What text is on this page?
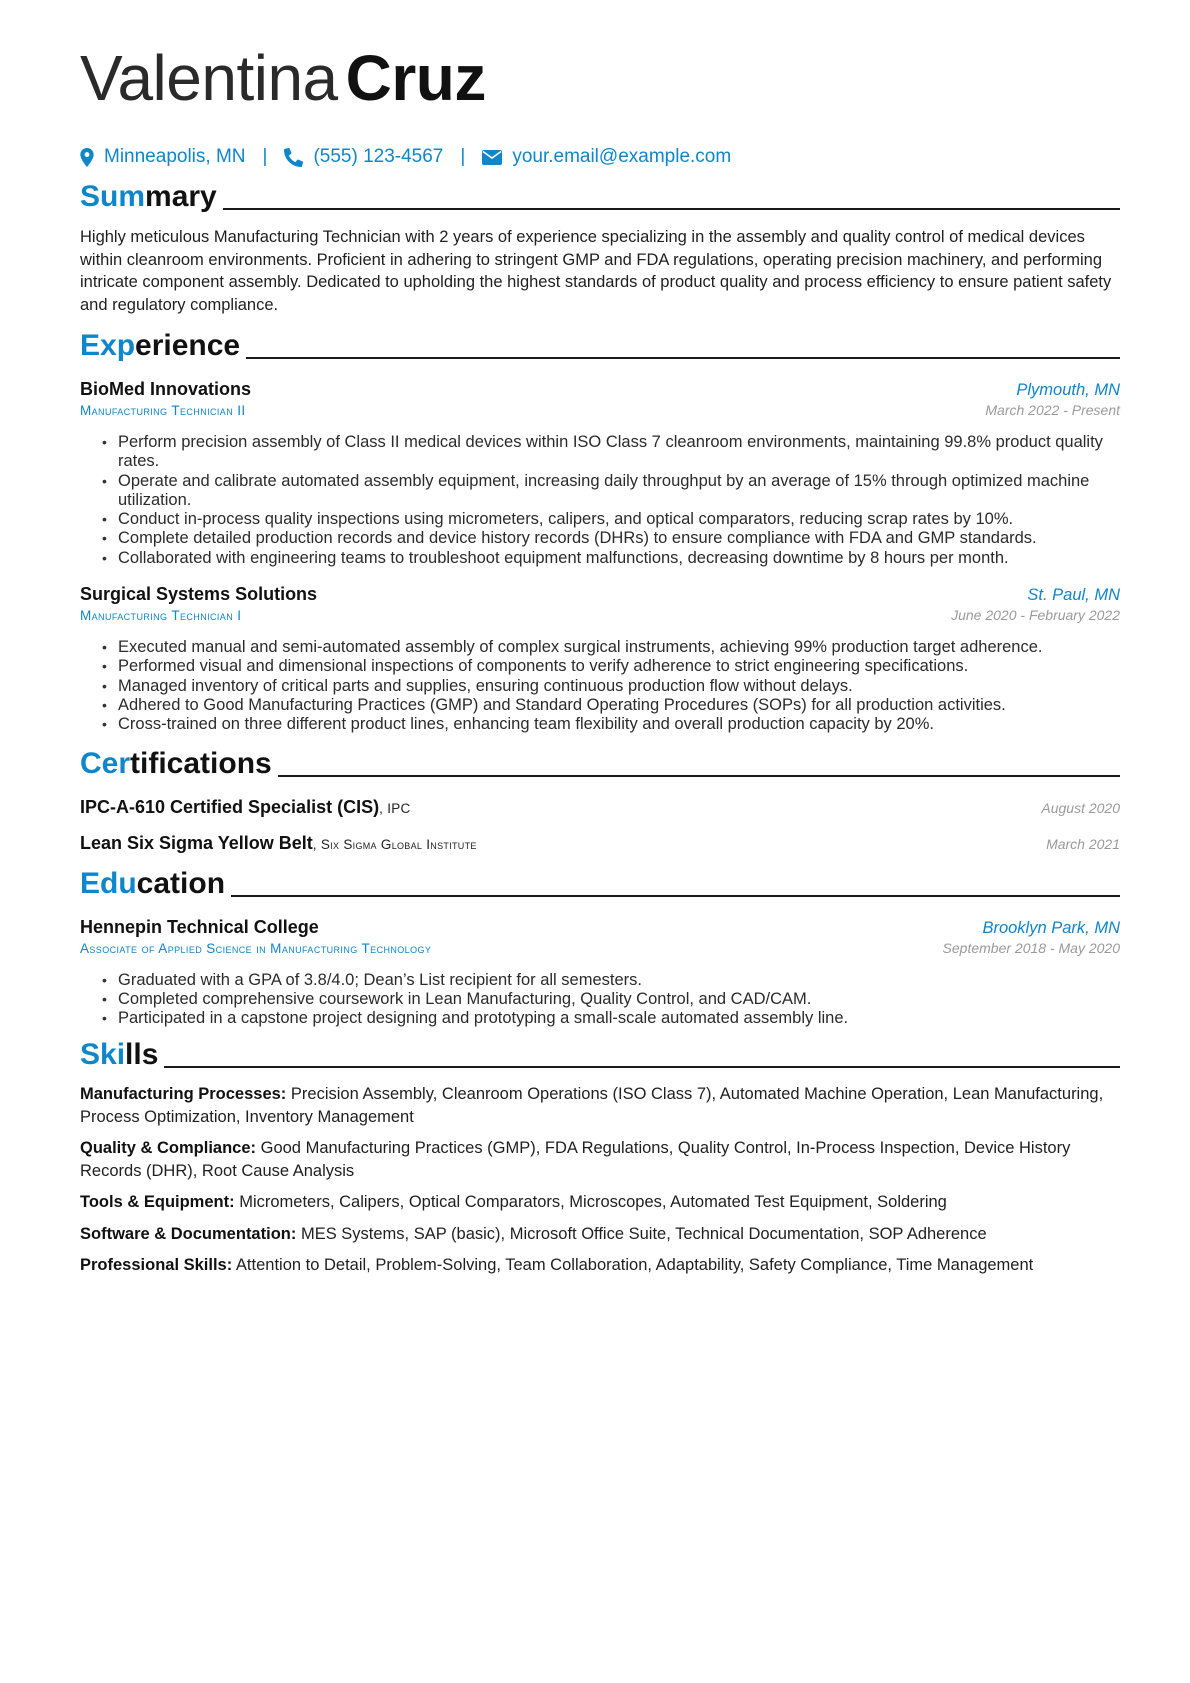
Valentina Cruz
Minneapolis, MN | (555) 123-4567 | your.email@example.com
Summary
Highly meticulous Manufacturing Technician with 2 years of experience specializing in the assembly and quality control of medical devices within cleanroom environments. Proficient in adhering to stringent GMP and FDA regulations, operating precision machinery, and performing intricate component assembly. Dedicated to upholding the highest standards of product quality and process efficiency to ensure patient safety and regulatory compliance.
Experience
BioMed Innovations	Plymouth, MN
Manufacturing Technician II	March 2022 - Present
• Perform precision assembly of Class II medical devices within ISO Class 7 cleanroom environments, maintaining 99.8% product quality rates.
• Operate and calibrate automated assembly equipment, increasing daily throughput by an average of 15% through optimized machine utilization.
• Conduct in-process quality inspections using micrometers, calipers, and optical comparators, reducing scrap rates by 10%.
• Complete detailed production records and device history records (DHRs) to ensure compliance with FDA and GMP standards.
• Collaborated with engineering teams to troubleshoot equipment malfunctions, decreasing downtime by 8 hours per month.
Surgical Systems Solutions	St. Paul, MN
Manufacturing Technician I	June 2020 - February 2022
• Executed manual and semi-automated assembly of complex surgical instruments, achieving 99% production target adherence.
• Performed visual and dimensional inspections of components to verify adherence to strict engineering specifications.
• Managed inventory of critical parts and supplies, ensuring continuous production flow without delays.
• Adhered to Good Manufacturing Practices (GMP) and Standard Operating Procedures (SOPs) for all production activities.
• Cross-trained on three different product lines, enhancing team flexibility and overall production capacity by 20%.
Certifications
IPC-A-610 Certified Specialist (CIS), IPC	August 2020
Lean Six Sigma Yellow Belt, Six Sigma Global Institute	March 2021
Education
Hennepin Technical College	Brooklyn Park, MN
Associate of Applied Science in Manufacturing Technology	September 2018 - May 2020
• Graduated with a GPA of 3.8/4.0; Dean’s List recipient for all semesters.
• Completed comprehensive coursework in Lean Manufacturing, Quality Control, and CAD/CAM.
• Participated in a capstone project designing and prototyping a small-scale automated assembly line.
Skills
Manufacturing Processes: Precision Assembly, Cleanroom Operations (ISO Class 7), Automated Machine Operation, Lean Manufacturing, Process Optimization, Inventory Management
Quality & Compliance: Good Manufacturing Practices (GMP), FDA Regulations, Quality Control, In-Process Inspection, Device History Records (DHR), Root Cause Analysis
Tools & Equipment: Micrometers, Calipers, Optical Comparators, Microscopes, Automated Test Equipment, Soldering
Software & Documentation: MES Systems, SAP (basic), Microsoft Office Suite, Technical Documentation, SOP Adherence
Professional Skills: Attention to Detail, Problem-Solving, Team Collaboration, Adaptability, Safety Compliance, Time Management
